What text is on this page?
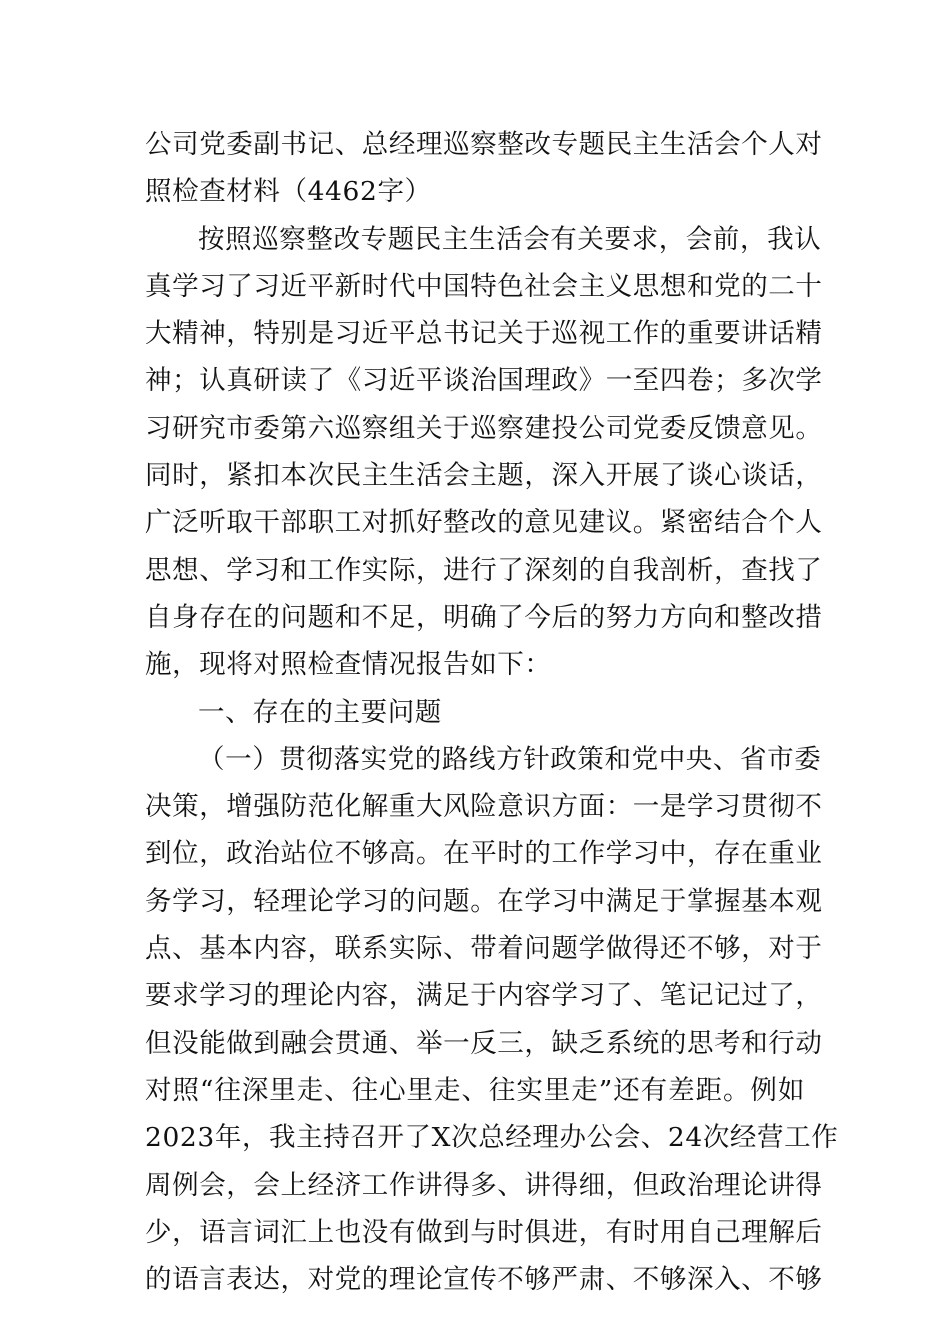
公司党委副书记、总经理巡察整改专题民主生活会个人对
照检查材料（4462字）
按照巡察整改专题民主生活会有关要求，会前，我认
真学习了习近平新时代中国特色社会主义思想和党的二十
大精神，特别是习近平总书记关于巡视工作的重要讲话精
神；认真研读了《习近平谈治国理政》一至四卷；多次学
习研究市委第六巡察组关于巡察建投公司党委反馈意见。
同时，紧扣本次民主生活会主题，深入开展了谈心谈话，
广泛听取干部职工对抓好整改的意见建议。紧密结合个人
思想、学习和工作实际，进行了深刻的自我剖析，查找了
自身存在的问题和不足，明确了今后的努力方向和整改措
施，现将对照检查情况报告如下：
一、存在的主要问题
（一）贯彻落实党的路线方针政策和党中央、省市委
决策，增强防范化解重大风险意识方面：一是学习贯彻不
到位，政治站位不够高。在平时的工作学习中，存在重业
务学习，轻理论学习的问题。在学习中满足于掌握基本观
点、基本内容，联系实际、带着问题学做得还不够，对于
要求学习的理论内容，满足于内容学习了、笔记记过了，
但没能做到融会贯通、举一反三，缺乏系统的思考和行动
对照“往深里走、往心里走、往实里走”还有差距。例如
2023年，我主持召开了X次总经理办公会、24次经营工作
周例会，会上经济工作讲得多、讲得细，但政治理论讲得
少，语言词汇上也没有做到与时俱进，有时用自己理解后
的语言表达，对党的理论宣传不够严肃、不够深入、不够
